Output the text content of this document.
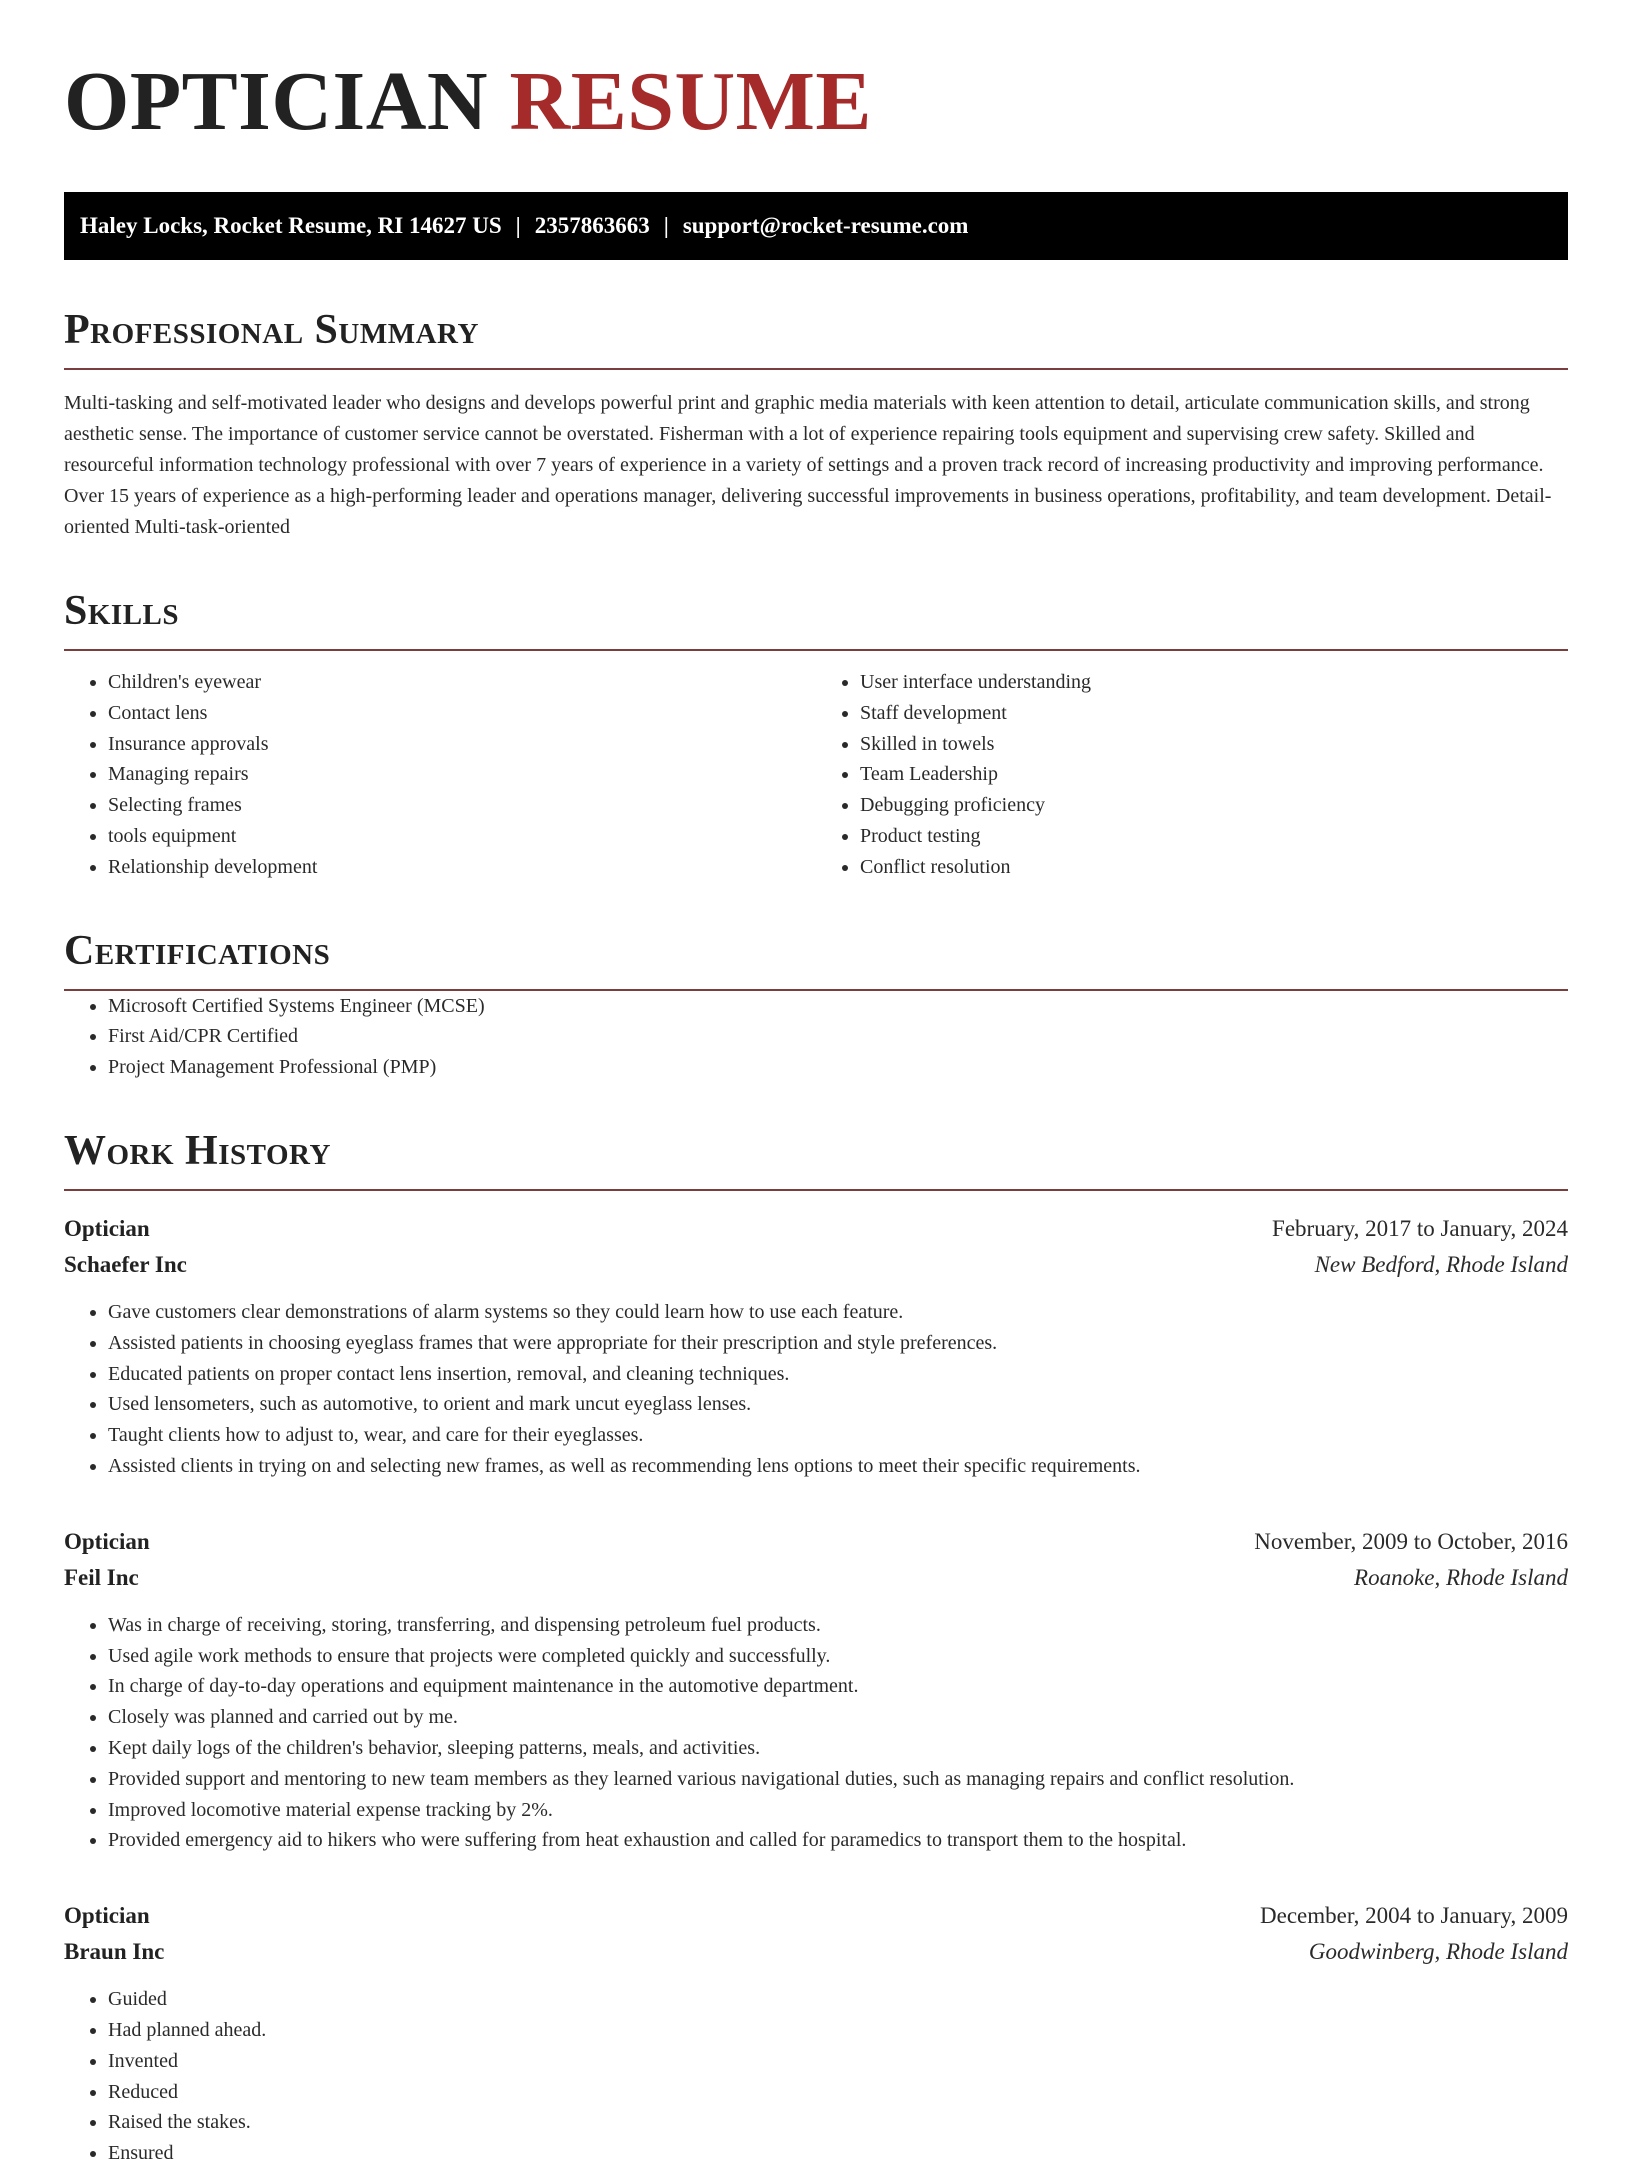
OPTICIAN RESUME
Haley Locks, Rocket Resume, RI 14627 US | 2357863663 | support@rocket-resume.com
Professional Summary

Multi-tasking and self-motivated leader who designs and develops powerful print and graphic media materials with keen attention to detail, articulate communication skills, and strong aesthetic sense. The importance of customer service cannot be overstated. Fisherman with a lot of experience repairing tools equipment and supervising crew safety. Skilled and resourceful information technology professional with over 7 years of experience in a variety of settings and a proven track record of increasing productivity and improving performance. Over 15 years of experience as a high-performing leader and operations manager, delivering successful improvements in business operations, profitability, and team development. Detail-oriented Multi-task-oriented

Skills
• Children's eyewear
• Contact lens
• Insurance approvals
• Managing repairs
• Selecting frames
• tools equipment
• Relationship development
• User interface understanding
• Staff development
• Skilled in towels
• Team Leadership
• Debugging proficiency
• Product testing
• Conflict resolution
Certifications
• Microsoft Certified Systems Engineer (MCSE)
• First Aid/CPR Certified
• Project Management Professional (PMP)
Work History
Optician	February, 2017 to January, 2024
Schaefer Inc	New Bedford, Rhode Island
• Gave customers clear demonstrations of alarm systems so they could learn how to use each feature.
• Assisted patients in choosing eyeglass frames that were appropriate for their prescription and style preferences.
• Educated patients on proper contact lens insertion, removal, and cleaning techniques.
• Used lensometers, such as automotive, to orient and mark uncut eyeglass lenses.
• Taught clients how to adjust to, wear, and care for their eyeglasses.
• Assisted clients in trying on and selecting new frames, as well as recommending lens options to meet their specific requirements.
Optician	November, 2009 to October, 2016
Feil Inc	Roanoke, Rhode Island
• Was in charge of receiving, storing, transferring, and dispensing petroleum fuel products.
• Used agile work methods to ensure that projects were completed quickly and successfully.
• In charge of day-to-day operations and equipment maintenance in the automotive department.
• Closely was planned and carried out by me.
• Kept daily logs of the children's behavior, sleeping patterns, meals, and activities.
• Provided support and mentoring to new team members as they learned various navigational duties, such as managing repairs and conflict resolution.
• Improved locomotive material expense tracking by 2%.
• Provided emergency aid to hikers who were suffering from heat exhaustion and called for paramedics to transport them to the hospital.
Optician	December, 2004 to January, 2009
Braun Inc	Goodwinberg, Rhode Island
• Guided
• Had planned ahead.
• Invented
• Reduced
• Raised the stakes.
• Ensured
